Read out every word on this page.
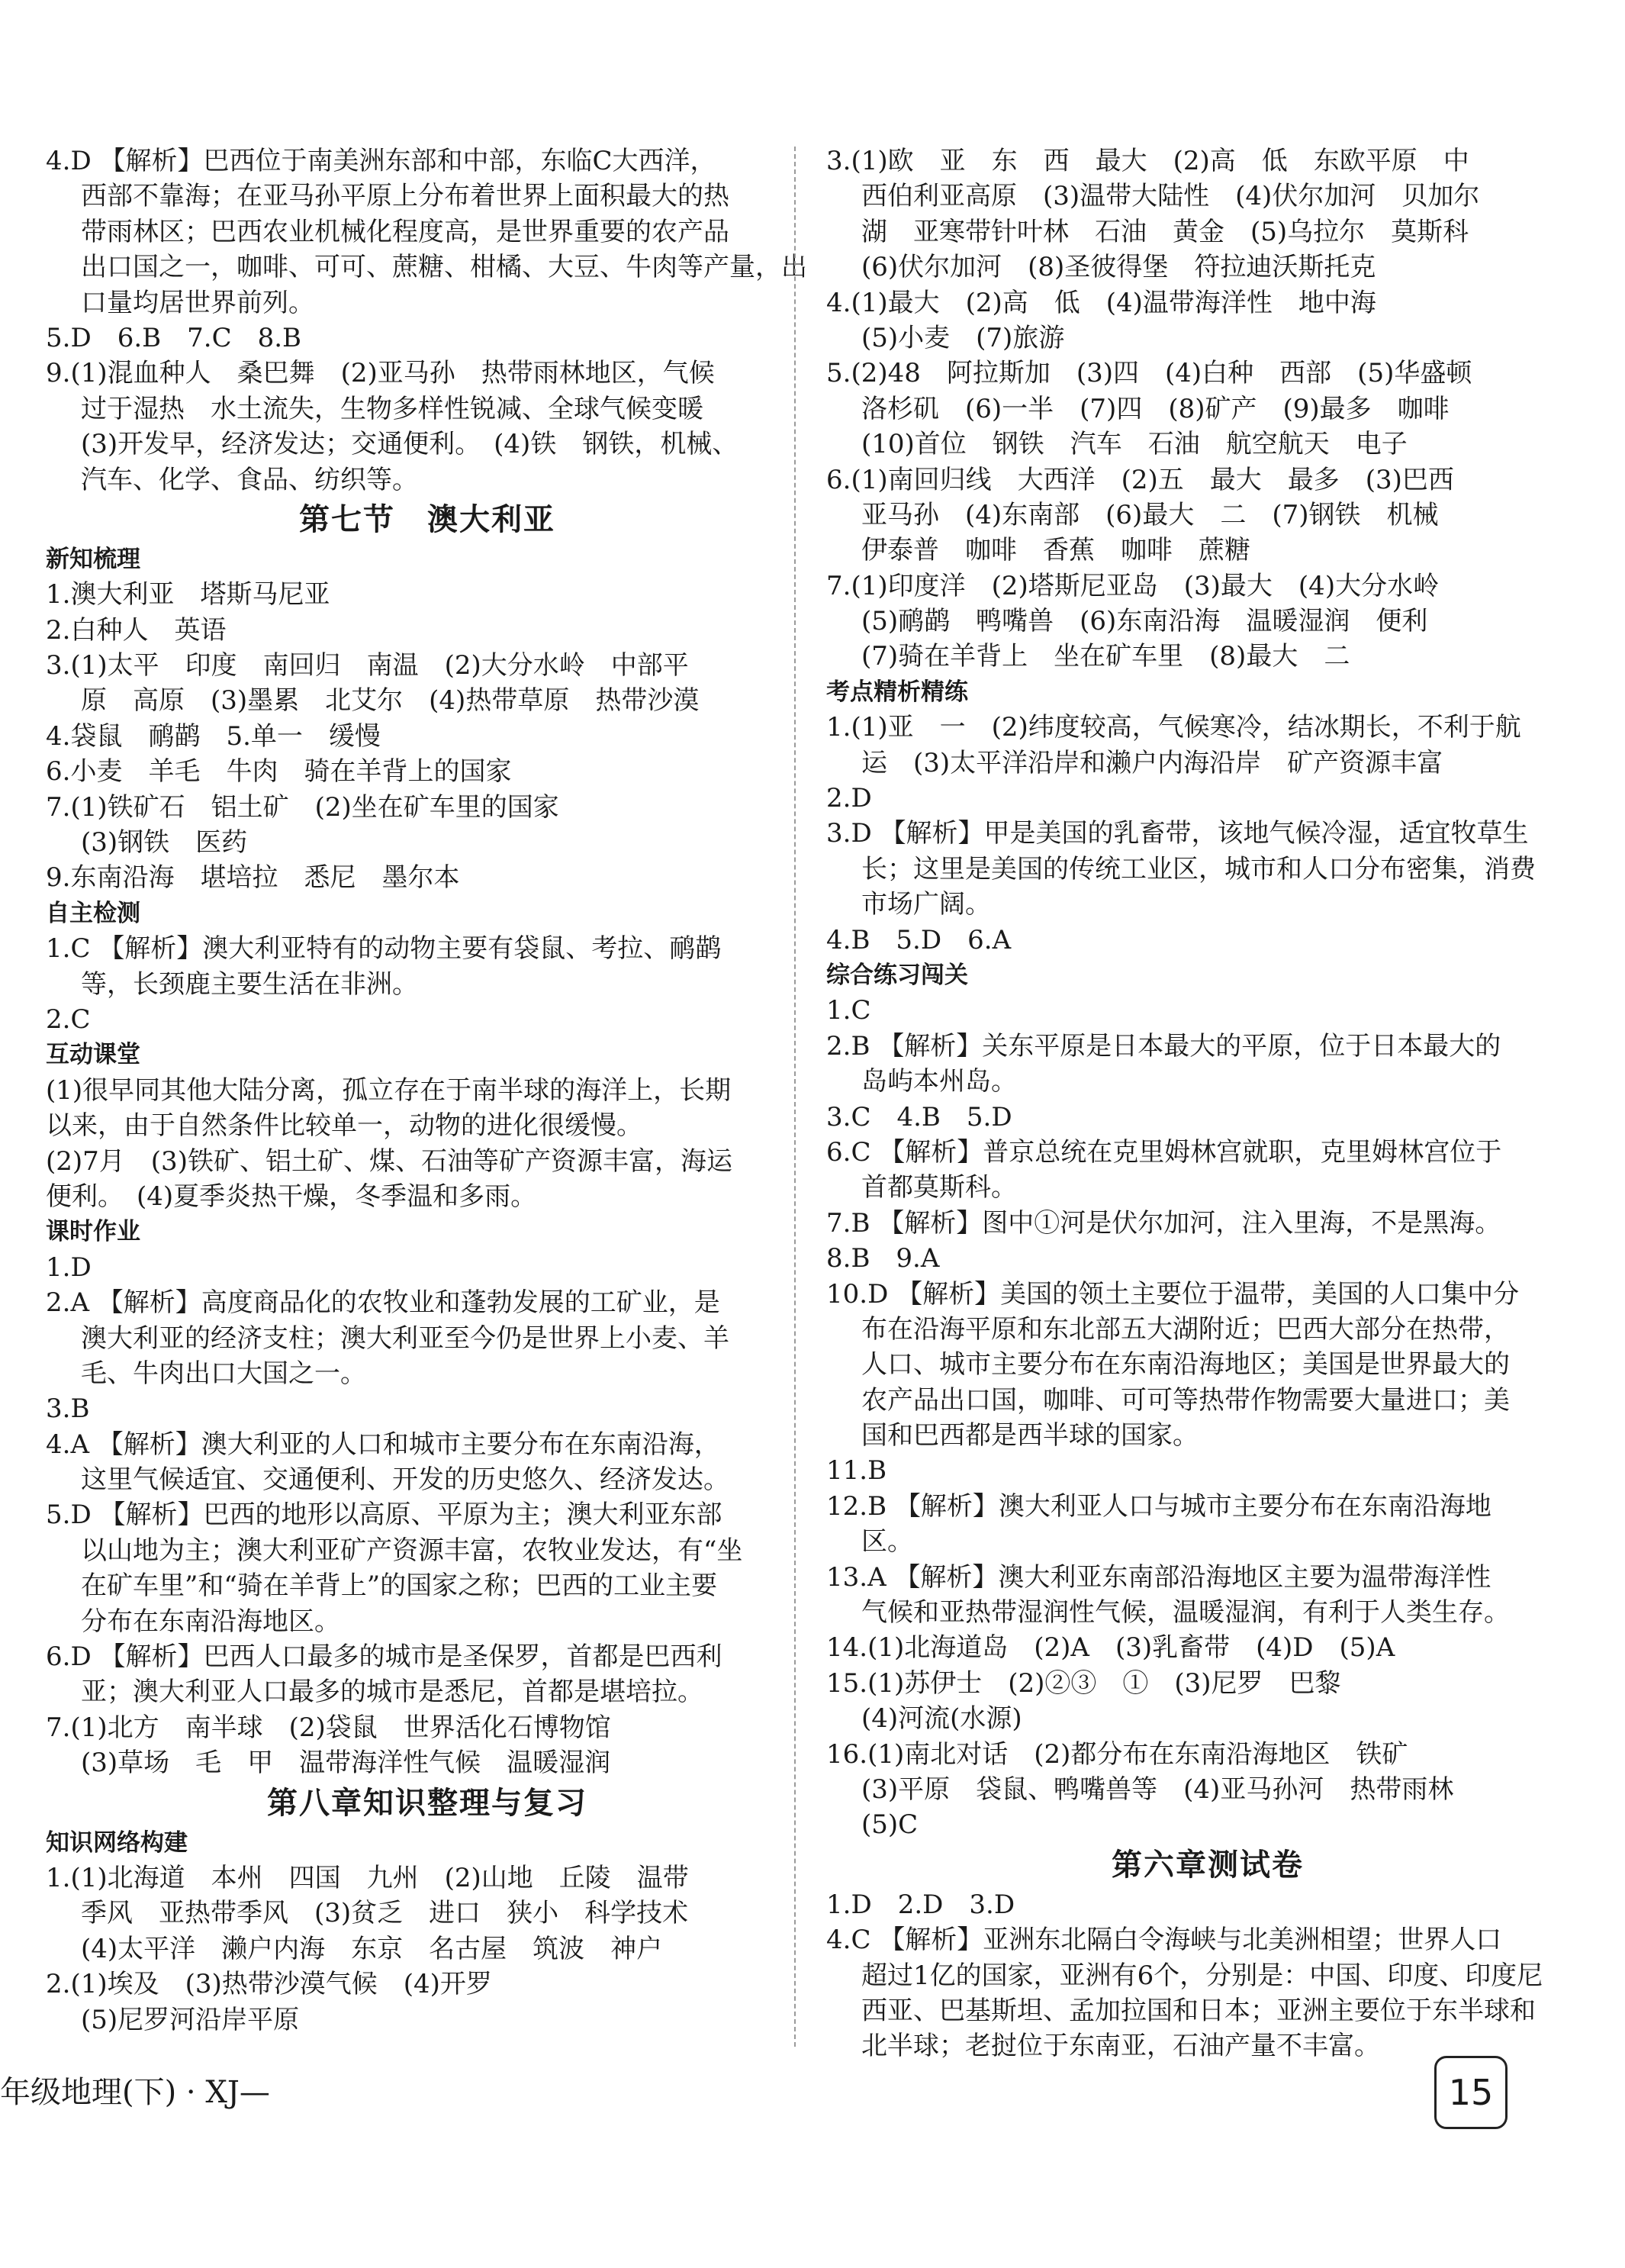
4.D 【解析】巴西位于南美洲东部和中部，东临C大西洋，
西部不靠海；在亚马孙平原上分布着世界上面积最大的热
带雨林区；巴西农业机械化程度高，是世界重要的农产品
出口国之一，咖啡、可可、蔗糖、柑橘、大豆、牛肉等产量，出
口量均居世界前列。
5.D　6.B　7.C　8.B
9.(1)混血种人　桑巴舞　(2)亚马孙　热带雨林地区，气候
过于湿热　水土流失，生物多样性锐减、全球气候变暖
(3)开发早，经济发达；交通便利。　(4)铁　钢铁，机械、
汽车、化学、食品、纺织等。
第七节　澳大利亚
新知梳理
1.澳大利亚　塔斯马尼亚
2.白种人　英语
3.(1)太平　印度　南回归　南温　(2)大分水岭　中部平
原　高原　(3)墨累　北艾尔　(4)热带草原　热带沙漠
4.袋鼠　鸸鹋　5.单一　缓慢
6.小麦　羊毛　牛肉　骑在羊背上的国家
7.(1)铁矿石　铝土矿　(2)坐在矿车里的国家
(3)钢铁　医药
9.东南沿海　堪培拉　悉尼　墨尔本
自主检测
1.C 【解析】澳大利亚特有的动物主要有袋鼠、考拉、鸸鹋
等，长颈鹿主要生活在非洲。
2.C
互动课堂
(1)很早同其他大陆分离，孤立存在于南半球的海洋上，长期
以来，由于自然条件比较单一，动物的进化很缓慢。
(2)7月　(3)铁矿、铝土矿、煤、石油等矿产资源丰富，海运
便利。　(4)夏季炎热干燥，冬季温和多雨。
课时作业
1.D
2.A 【解析】高度商品化的农牧业和蓬勃发展的工矿业，是
澳大利亚的经济支柱；澳大利亚至今仍是世界上小麦、羊
毛、牛肉出口大国之一。
3.B
4.A 【解析】澳大利亚的人口和城市主要分布在东南沿海，
这里气候适宜、交通便利、开发的历史悠久、经济发达。
5.D 【解析】巴西的地形以高原、平原为主；澳大利亚东部
以山地为主；澳大利亚矿产资源丰富，农牧业发达，有“坐
在矿车里”和“骑在羊背上”的国家之称；巴西的工业主要
分布在东南沿海地区。
6.D 【解析】巴西人口最多的城市是圣保罗，首都是巴西利
亚；澳大利亚人口最多的城市是悉尼，首都是堪培拉。
7.(1)北方　南半球　(2)袋鼠　世界活化石博物馆
(3)草场　毛　甲　温带海洋性气候　温暖湿润
第八章知识整理与复习
知识网络构建
1.(1)北海道　本州　四国　九州　(2)山地　丘陵　温带
季风　亚热带季风　(3)贫乏　进口　狭小　科学技术
(4)太平洋　濑户内海　东京　名古屋　筑波　神户
2.(1)埃及　(3)热带沙漠气候　(4)开罗
(5)尼罗河沿岸平原
3.(1)欧　亚　东　西　最大　(2)高　低　东欧平原　中
西伯利亚高原　(3)温带大陆性　(4)伏尔加河　贝加尔
湖　亚寒带针叶林　石油　黄金　(5)乌拉尔　莫斯科
(6)伏尔加河　(8)圣彼得堡　符拉迪沃斯托克
4.(1)最大　(2)高　低　(4)温带海洋性　地中海
(5)小麦　(7)旅游
5.(2)48　阿拉斯加　(3)四　(4)白种　西部　(5)华盛顿
洛杉矶　(6)一半　(7)四　(8)矿产　(9)最多　咖啡
(10)首位　钢铁　汽车　石油　航空航天　电子
6.(1)南回归线　大西洋　(2)五　最大　最多　(3)巴西
亚马孙　(4)东南部　(6)最大　二　(7)钢铁　机械
伊泰普　咖啡　香蕉　咖啡　蔗糖
7.(1)印度洋　(2)塔斯尼亚岛　(3)最大　(4)大分水岭
(5)鸸鹋　鸭嘴兽　(6)东南沿海　温暖湿润　便利
(7)骑在羊背上　坐在矿车里　(8)最大　二
考点精析精练
1.(1)亚　一　(2)纬度较高，气候寒冷，结冰期长，不利于航
运　(3)太平洋沿岸和濑户内海沿岸　矿产资源丰富
2.D
3.D 【解析】甲是美国的乳畜带，该地气候冷湿，适宜牧草生
长；这里是美国的传统工业区，城市和人口分布密集，消费
市场广阔。
4.B　5.D　6.A
综合练习闯关
1.C
2.B 【解析】关东平原是日本最大的平原，位于日本最大的
岛屿本州岛。
3.C　4.B　5.D
6.C 【解析】普京总统在克里姆林宫就职，克里姆林宫位于
首都莫斯科。
7.B 【解析】图中①河是伏尔加河，注入里海，不是黑海。
8.B　9.A
10.D 【解析】美国的领土主要位于温带，美国的人口集中分
布在沿海平原和东北部五大湖附近；巴西大部分在热带，
人口、城市主要分布在东南沿海地区；美国是世界最大的
农产品出口国，咖啡、可可等热带作物需要大量进口；美
国和巴西都是西半球的国家。
11.B
12.B 【解析】澳大利亚人口与城市主要分布在东南沿海地
区。
13.A 【解析】澳大利亚东南部沿海地区主要为温带海洋性
气候和亚热带湿润性气候，温暖湿润，有利于人类生存。
14.(1)北海道岛　(2)A　(3)乳畜带　(4)D　(5)A
15.(1)苏伊士　(2)②③　①　(3)尼罗　巴黎
(4)河流(水源)
16.(1)南北对话　(2)都分布在东南沿海地区　铁矿
(3)平原　袋鼠、鸭嘴兽等　(4)亚马孙河　热带雨林
(5)C
第六章测试卷
1.D　2.D　3.D
4.C 【解析】亚洲东北隔白令海峡与北美洲相望；世界人口
超过1亿的国家，亚洲有6个，分别是：中国、印度、印度尼
西亚、巴基斯坦、孟加拉国和日本；亚洲主要位于东半球和
北半球；老挝位于东南亚，石油产量不丰富。
年级地理(下) · XJ—	15
